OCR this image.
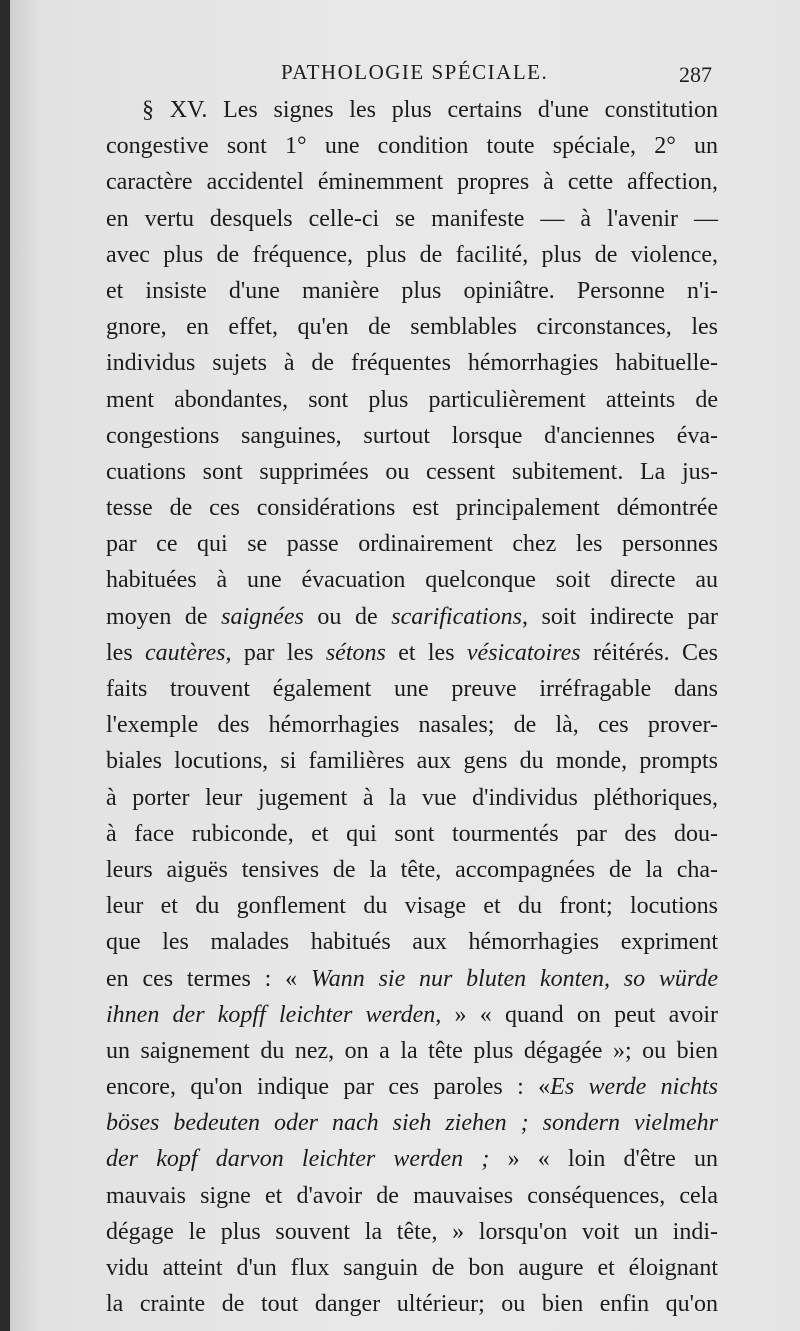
PATHOLOGIE SPÉCIALE.	287
§ XV. Les signes les plus certains d'une constitution
congestive sont 1° une condition toute spéciale, 2° un
caractère accidentel éminemment propres à cette affection,
en vertu desquels celle-ci se manifeste — à l'avenir —
avec plus de fréquence, plus de facilité, plus de violence,
et insiste d'une manière plus opiniâtre. Personne n'i-
gnore, en effet, qu'en de semblables circonstances, les
individus sujets à de fréquentes hémorrhagies habituelle-
ment abondantes, sont plus particulièrement atteints de
congestions sanguines, surtout lorsque d'anciennes éva-
cuations sont supprimées ou cessent subitement. La jus-
tesse de ces considérations est principalement démontrée
par ce qui se passe ordinairement chez les personnes
habituées à une évacuation quelconque soit directe au
moyen de saignées ou de scarifications, soit indirecte par
les cautères, par les sétons et les vésicatoires réitérés. Ces
faits trouvent également une preuve irréfragable dans
l'exemple des hémorrhagies nasales; de là, ces prover-
biales locutions, si familières aux gens du monde, prompts
à porter leur jugement à la vue d'individus pléthoriques,
à face rubiconde, et qui sont tourmentés par des dou-
leurs aiguës tensives de la tête, accompagnées de la cha-
leur et du gonflement du visage et du front; locutions
que les malades habitués aux hémorrhagies expriment
en ces termes : « Wann sie nur bluten konten, so würde
ihnen der kopff leichter werden, » « quand on peut avoir
un saignement du nez, on a la tête plus dégagée »; ou bien
encore, qu'on indique par ces paroles : «Es werde nichts
böses bedeuten oder nach sieh ziehen ; sondern vielmehr
der kopf darvon leichter werden ; » « loin d'être un
mauvais signe et d'avoir de mauvaises conséquences, cela
dégage le plus souvent la tête, » lorsqu'on voit un indi-
vidu atteint d'un flux sanguin de bon augure et éloignant
la crainte de tout danger ultérieur; ou bien enfin qu'on
